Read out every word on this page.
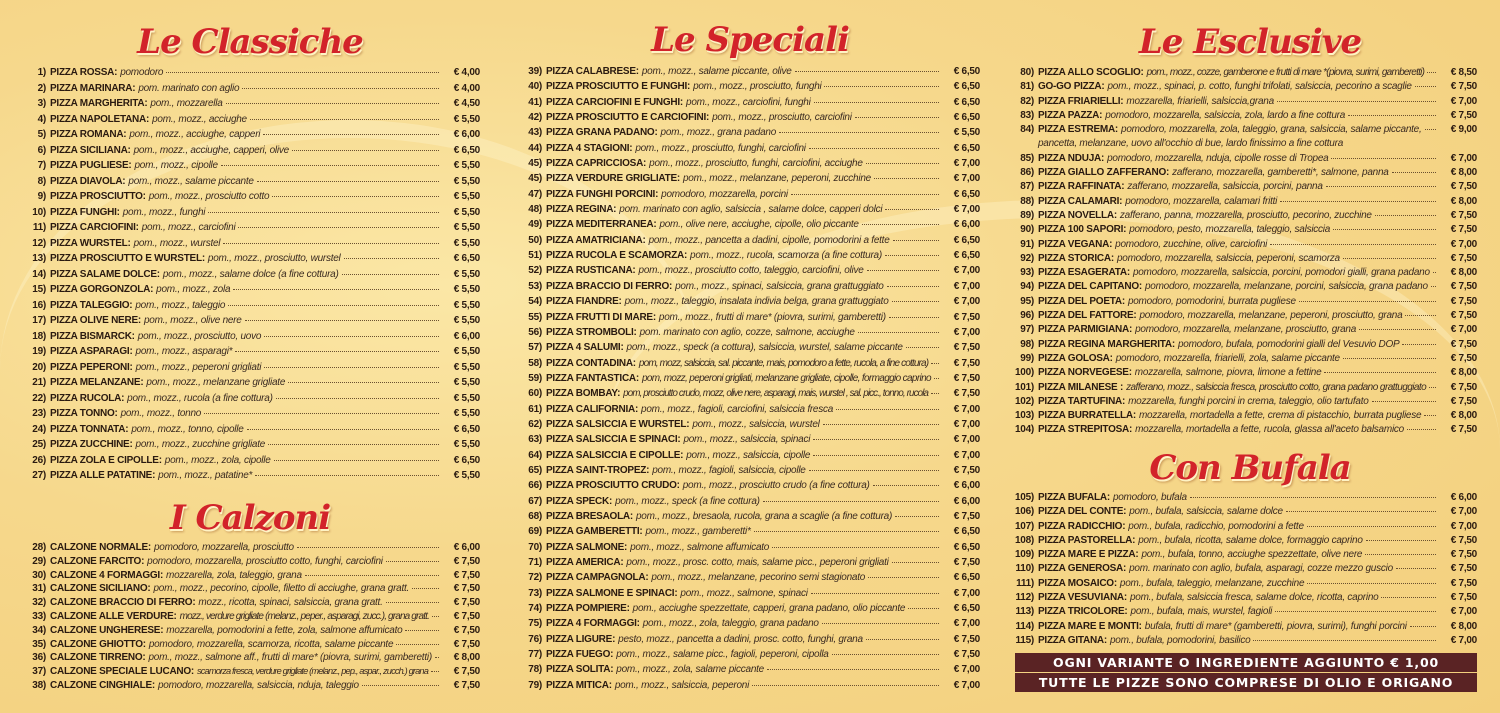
Le Classiche
1) PIZZA ROSSA: pomodoro	€ 4,00
2) PIZZA MARINARA: pom. marinato con aglio	€ 4,00
3) PIZZA MARGHERITA: pom., mozzarella	€ 4,50
4) PIZZA NAPOLETANA: pom., mozz., acciughe	€ 5,50
5) PIZZA ROMANA: pom., mozz., acciughe, capperi	€ 6,00
6) PIZZA SICILIANA: pom., mozz., acciughe, capperi, olive	€ 6,50
7) PIZZA PUGLIESE: pom., mozz., cipolle	€ 5,50
8) PIZZA DIAVOLA: pom., mozz., salame piccante	€ 5,50
9) PIZZA PROSCIUTTO: pom., mozz., prosciutto cotto	€ 5,50
10) PIZZA FUNGHI: pom., mozz., funghi	€ 5,50
11) PIZZA CARCIOFINI: pom., mozz., carciofini	€ 5,50
12) PIZZA WURSTEL: pom., mozz., wurstel	€ 5,50
13) PIZZA PROSCIUTTO E WURSTEL: pom., mozz., prosciutto, wurstel	€ 6,50
14) PIZZA SALAME DOLCE: pom., mozz., salame dolce (a fine cottura)	€ 5,50
15) PIZZA GORGONZOLA: pom., mozz., zola	€ 5,50
16) PIZZA TALEGGIO: pom., mozz., taleggio	€ 5,50
17) PIZZA OLIVE NERE: pom., mozz., olive nere	€ 5,50
18) PIZZA BISMARCK: pom., mozz., prosciutto, uovo	€ 6,00
19) PIZZA ASPARAGI: pom., mozz., asparagi*	€ 5,50
20) PIZZA PEPERONI: pom., mozz., peperoni grigliati	€ 5,50
21) PIZZA MELANZANE: pom., mozz., melanzane grigliate	€ 5,50
22) PIZZA RUCOLA: pom., mozz., rucola (a fine cottura)	€ 5,50
23) PIZZA TONNO: pom., mozz., tonno	€ 5,50
24) PIZZA TONNATA: pom., mozz., tonno, cipolle	€ 6,50
25) PIZZA ZUCCHINE: pom., mozz., zucchine grigliate	€ 5,50
26) PIZZA ZOLA E CIPOLLE: pom., mozz., zola, cipolle	€ 6,50
27) PIZZA ALLE PATATINE: pom., mozz., patatine*	€ 5,50
I Calzoni
28) CALZONE NORMALE: pomodoro, mozzarella, prosciutto	€ 6,00
29) CALZONE FARCITO: pomodoro, mozzarella, prosciutto cotto, funghi, carciofini	€ 7,50
30) CALZONE 4 FORMAGGI: mozzarella, zola, taleggio, grana	€ 7,50
31) CALZONE SICILIANO: pom., mozz., pecorino, cipolle, filetto di acciughe, grana gratt.	€ 7,50
32) CALZONE BRACCIO DI FERRO: mozz., ricotta, spinaci, salsiccia, grana gratt.	€ 7,50
33) CALZONE ALLE VERDURE: mozz., verdure grigliate (melanz., peper., asparagi, zucc.), grana gratt.	€ 7,50
34) CALZONE UNGHERESE: mozzarella, pomodorini a fette, zola, salmone affumicato	€ 7,50
35) CALZONE GHIOTTO: pomodoro, mozzarella, scamorza, ricotta, salame piccante	€ 7,50
36) CALZONE TIRRENO: pom., mozz., salmone aff., frutti di mare* (piovra, surimi, gamberetti)	€ 8,00
37) CALZONE SPECIALE LUCANO: scamorza fresca, verdure grigliate (melanz., pep., aspar., zucch.) grana	€ 7,50
38) CALZONE CINGHIALE: pomodoro, mozzarella, salsiccia, nduja, taleggio	€ 7,50
Le Speciali
39) PIZZA CALABRESE: pom., mozz., salame piccante, olive	€ 6,50
40) PIZZA PROSCIUTTO E FUNGHI: pom., mozz., prosciutto, funghi	€ 6,50
41) PIZZA CARCIOFINI E FUNGHI: pom., mozz., carciofini, funghi	€ 6,50
42) PIZZA PROSCIUTTO E CARCIOFINI: pom., mozz., prosciutto, carciofini	€ 6,50
43) PIZZA GRANA PADANO: pom., mozz., grana padano	€ 5,50
44) PIZZA 4 STAGIONI: pom., mozz., prosciutto, funghi, carciofini	€ 6,50
45) PIZZA CAPRICCIOSA: pom., mozz., prosciutto, funghi, carciofini, acciughe	€ 7,00
45) PIZZA VERDURE GRIGLIATE: pom., mozz., melanzane, peperoni, zucchine	€ 7,00
47) PIZZA FUNGHI PORCINI: pomodoro, mozzarella, porcini	€ 6,50
48) PIZZA REGINA: pom. marinato con aglio, salsiccia , salame dolce, capperi dolci	€ 7,00
49) PIZZA MEDITERRANEA: pom., olive nere, acciughe, cipolle, olio piccante	€ 6,00
50) PIZZA AMATRICIANA: pom., mozz., pancetta a dadini, cipolle, pomodorini a fette	€ 6,50
51) PIZZA RUCOLA E SCAMORZA: pom., mozz., rucola, scamorza (a fine cottura)	€ 6,50
52) PIZZA RUSTICANA: pom., mozz., prosciutto cotto, taleggio, carciofini, olive	€ 7,00
53) PIZZA BRACCIO DI FERRO: pom., mozz., spinaci, salsiccia, grana grattuggiato	€ 7,00
54) PIZZA FIANDRE: pom., mozz., taleggio, insalata indivia belga, grana grattuggiato	€ 7,00
55) PIZZA FRUTTI DI MARE: pom., mozz., frutti di mare* (piovra, surimi, gamberetti)	€ 7,50
56) PIZZA STROMBOLI: pom. marinato con aglio, cozze, salmone, acciughe	€ 7,00
57) PIZZA 4 SALUMI: pom., mozz., speck (a cottura), salsiccia, wurstel, salame piccante	€ 7,50
58) PIZZA CONTADINA: pom, mozz, salsiccia, sal. piccante, mais, pomodoro a fette, rucola, a fine cottura)	€ 7,50
59) PIZZA FANTASTICA: pom, mozz, peperoni grigliati, melanzane grigliate, cipolle, formaggio caprino	€ 7,50
60) PIZZA BOMBAY: pom, prosciutto crudo, mozz, olive nere, asparagi, mais, wurstel , sal. picc., tonno, rucola	€ 7,50
61) PIZZA CALIFORNIA: pom., mozz., fagioli, carciofini, salsiccia fresca	€ 7,00
62) PIZZA SALSICCIA E WURSTEL: pom., mozz., salsiccia, wurstel	€ 7,00
63) PIZZA SALSICCIA E SPINACI: pom., mozz., salsiccia, spinaci	€ 7,00
64) PIZZA SALSICCIA E CIPOLLE: pom., mozz., salsiccia, cipolle	€ 7,00
65) PIZZA SAINT-TROPEZ: pom., mozz., fagioli, salsiccia, cipolle	€ 7,50
66) PIZZA PROSCIUTTO CRUDO: pom., mozz., prosciutto crudo (a fine cottura)	€ 6,00
67) PIZZA SPECK: pom., mozz., speck (a fine cottura)	€ 6,00
68) PIZZA BRESAOLA: pom., mozz., bresaola, rucola, grana a scaglie (a fine cottura)	€ 7,50
69) PIZZA GAMBERETTI: pom., mozz., gamberetti*	€ 6,50
70) PIZZA SALMONE: pom., mozz., salmone affumicato	€ 6,50
71) PIZZA AMERICA: pom., mozz., prosc. cotto, mais, salame picc., peperoni grigliati	€ 7,50
72) PIZZA CAMPAGNOLA: pom., mozz., melanzane, pecorino semi stagionato	€ 6,50
73) PIZZA SALMONE E SPINACI: pom., mozz., salmone, spinaci	€ 7,00
74) PIZZA POMPIERE: pom., acciughe spezzettate, capperi, grana padano, olio piccante	€ 6,50
75) PIZZA 4 FORMAGGI: pom., mozz., zola, taleggio, grana padano	€ 7,00
76) PIZZA LIGURE: pesto, mozz., pancetta a dadini, prosc. cotto, funghi, grana	€ 7,50
77) PIZZA FUEGO: pom., mozz., salame picc., fagioli, peperoni, cipolla	€ 7,50
78) PIZZA SOLITA: pom., mozz., zola, salame piccante	€ 7,00
79) PIZZA MITICA: pom., mozz., salsiccia, peperoni	€ 7,00
Le Esclusive
80) PIZZA ALLO SCOGLIO: pom., mozz., cozze, gamberone e frutti di mare *(piovra, surimi, gamberetti)	€ 8,50
81) GO-GO PIZZA: pom., mozz., spinaci, p. cotto, funghi trifolati, salsiccia, pecorino a scaglie	€ 7,50
82) PIZZA FRIARIELLI: mozzarella, friarielli, salsiccia,grana	€ 7,00
83) PIZZA PAZZA: pomodoro, mozzarella, salsiccia, zola, lardo a fine cottura	€ 7,50
84) PIZZA ESTREMA: pomodoro, mozzarella, zola, taleggio, grana, salsiccia, salame piccante,	€ 9,00
pancetta, melanzane, uovo all'occhio di bue, lardo finissimo a fine cottura
85) PIZZA NDUJA: pomodoro, mozzarella, nduja, cipolle rosse di Tropea	€ 7,00
86) PIZZA GIALLO ZAFFERANO: zafferano, mozzarella, gamberetti*, salmone, panna	€ 8,00
87) PIZZA RAFFINATA: zafferano, mozzarella, salsiccia, porcini, panna	€ 7,50
88) PIZZA CALAMARI: pomodoro, mozzarella, calamari fritti	€ 8,00
89) PIZZA NOVELLA: zafferano, panna, mozzarella, prosciutto, pecorino, zucchine	€ 7,50
90) PIZZA 100 SAPORI: pomodoro, pesto, mozzarella, taleggio, salsiccia	€ 7,50
91) PIZZA VEGANA: pomodoro, zucchine, olive, carciofini	€ 7,00
92) PIZZA STORICA: pomodoro, mozzarella, salsiccia, peperoni, scamorza	€ 7,50
93) PIZZA ESAGERATA: pomodoro, mozzarella, salsiccia, porcini, pomodori gialli, grana padano	€ 8,00
94) PIZZA DEL CAPITANO: pomodoro, mozzarella, melanzane, porcini, salsiccia, grana padano	€ 7,50
95) PIZZA DEL POETA: pomodoro, pomodorini, burrata pugliese	€ 7,50
96) PIZZA DEL FATTORE: pomodoro, mozzarella, melanzane, peperoni, prosciutto, grana	€ 7,50
97) PIZZA PARMIGIANA: pomodoro, mozzarella, melanzane, prosciutto, grana	€ 7,00
98) PIZZA REGINA MARGHERITA: pomodoro, bufala, pomodorini gialli del Vesuvio DOP	€ 7,50
99) PIZZA GOLOSA: pomodoro, mozzarella, friarielli, zola, salame piccante	€ 7,50
100) PIZZA NORVEGESE: mozzarella, salmone, piovra, limone a fettine	€ 8,00
101) PIZZA MILANESE : zafferano, mozz., salsiccia fresca, prosciutto cotto, grana padano grattuggiato	€ 7,50
102) PIZZA TARTUFINA: mozzarella, funghi porcini in crema, taleggio, olio tartufato	€ 7,50
103) PIZZA BURRATELLA: mozzarella, mortadella a fette, crema di pistacchio, burrata pugliese	€ 8,00
104) PIZZA STREPITOSA: mozzarella, mortadella a fette, rucola, glassa all'aceto balsamico	€ 7,50
Con Bufala
105) PIZZA BUFALA: pomodoro, bufala	€ 6,00
106) PIZZA DEL CONTE: pom., bufala, salsiccia, salame dolce	€ 7,00
107) PIZZA RADICCHIO: pom., bufala, radicchio, pomodorini a fette	€ 7,00
108) PIZZA PASTORELLA: pom., bufala, ricotta, salame dolce, formaggio caprino	€ 7,50
109) PIZZA MARE E PIZZA: pom., bufala, tonno, acciughe spezzettate, olive nere	€ 7,50
110) PIZZA GENEROSA: pom. marinato con aglio, bufala, asparagi, cozze mezzo guscio	€ 7,50
111) PIZZA MOSAICO: pom., bufala, taleggio, melanzane, zucchine	€ 7,50
112) PIZZA VESUVIANA: pom., bufala, salsiccia fresca, salame dolce, ricotta, caprino	€ 7,50
113) PIZZA TRICOLORE: pom., bufala, mais, wurstel, fagioli	€ 7,00
114) PIZZA MARE E MONTI: bufala, frutti di mare* (gamberetti, piovra, surimi), funghi porcini	€ 8,00
115) PIZZA GITANA: pom., bufala, pomodorini, basilico	€ 7,00
OGNI VARIANTE O INGREDIENTE AGGIUNTO € 1,00
TUTTE LE PIZZE SONO COMPRESE DI OLIO E ORIGANO
